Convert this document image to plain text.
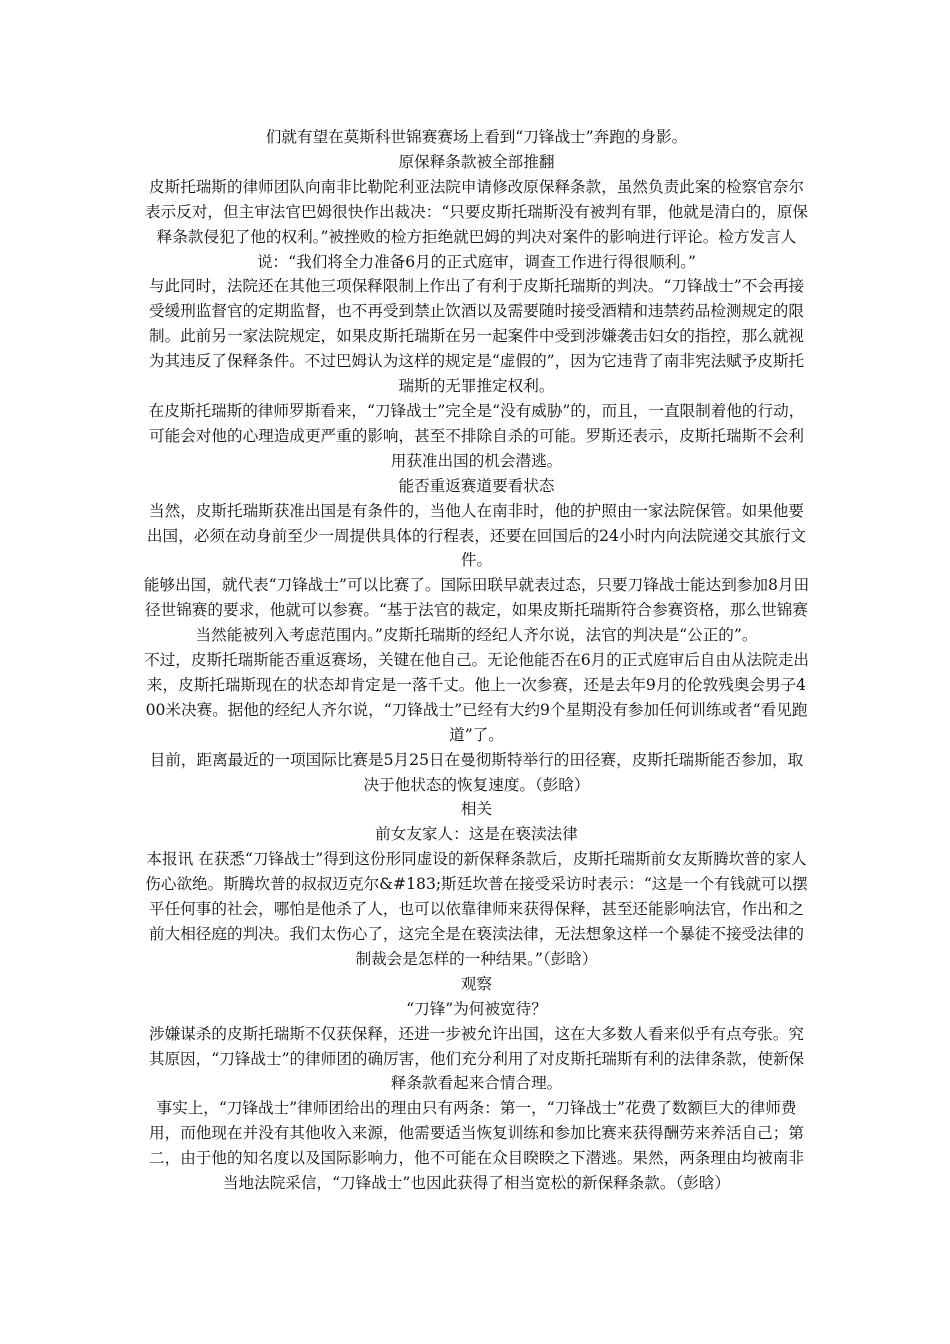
们就有望在莫斯科世锦赛赛场上看到“刀锋战士”奔跑的身影。

原保释条款被全部推翻

皮斯托瑞斯的律师团队向南非比勒陀利亚法院申请修改原保释条款，虽然负责此案的检察官奈尔表示反对，但主审法官巴姆很快作出裁决：“只要皮斯托瑞斯没有被判有罪，他就是清白的，原保释条款侵犯了他的权利。”被挫败的检方拒绝就巴姆的判决对案件的影响进行评论。检方发言人说：“我们将全力准备6月的正式庭审，调查工作进行得很顺利。”

与此同时，法院还在其他三项保释限制上作出了有利于皮斯托瑞斯的判决。“刀锋战士”不会再接受缓刑监督官的定期监督，也不再受到禁止饮酒以及需要随时接受酒精和违禁药品检测规定的限制。此前另一家法院规定，如果皮斯托瑞斯在另一起案件中受到涉嫌袭击妇女的指控，那么就视为其违反了保释条件。不过巴姆认为这样的规定是“虚假的”，因为它违背了南非宪法赋予皮斯托瑞斯的无罪推定权利。

在皮斯托瑞斯的律师罗斯看来，“刀锋战士”完全是“没有威胁”的，而且，一直限制着他的行动，可能会对他的心理造成更严重的影响，甚至不排除自杀的可能。罗斯还表示，皮斯托瑞斯不会利用获准出国的机会潜逃。

能否重返赛道要看状态

当然，皮斯托瑞斯获准出国是有条件的，当他人在南非时，他的护照由一家法院保管。如果他要出国，必须在动身前至少一周提供具体的行程表，还要在回国后的24小时内向法院递交其旅行文件。

能够出国，就代表“刀锋战士”可以比赛了。国际田联早就表过态，只要刀锋战士能达到参加8月田径世锦赛的要求，他就可以参赛。“基于法官的裁定，如果皮斯托瑞斯符合参赛资格，那么世锦赛当然能被列入考虑范围内。”皮斯托瑞斯的经纪人齐尔说，法官的判决是“公正的”。

不过，皮斯托瑞斯能否重返赛场，关键在他自己。无论他能否在6月的正式庭审后自由从法院走出来，皮斯托瑞斯现在的状态却肯定是一落千丈。他上一次参赛，还是去年9月的伦敦残奥会男子400米决赛。据他的经纪人齐尔说，“刀锋战士”已经有大约9个星期没有参加任何训练或者“看见跑道”了。

目前，距离最近的一项国际比赛是5月25日在曼彻斯特举行的田径赛，皮斯托瑞斯能否参加，取决于他状态的恢复速度。（彭晗）

相关

前女友家人：这是在亵渎法律

本报讯 在获悉“刀锋战士”得到这份形同虚设的新保释条款后，皮斯托瑞斯前女友斯腾坎普的家人伤心欲绝。斯腾坎普的叔叔迈克尔&#183;斯廷坎普在接受采访时表示：“这是一个有钱就可以摆平任何事的社会，哪怕是他杀了人，也可以依靠律师来获得保释，甚至还能影响法官，作出和之前大相径庭的判决。我们太伤心了，这完全是在亵渎法律，无法想象这样一个暴徒不接受法律的制裁会是怎样的一种结果。”（彭晗）

观察

“刀锋”为何被宽待？

涉嫌谋杀的皮斯托瑞斯不仅获保释，还进一步被允许出国，这在大多数人看来似乎有点夸张。究其原因，“刀锋战士”的律师团的确厉害，他们充分利用了对皮斯托瑞斯有利的法律条款，使新保释条款看起来合情合理。

事实上，“刀锋战士”律师团给出的理由只有两条：第一，“刀锋战士”花费了数额巨大的律师费用，而他现在并没有其他收入来源，他需要适当恢复训练和参加比赛来获得酬劳来养活自己；第二，由于他的知名度以及国际影响力，他不可能在众目睽睽之下潜逃。果然，两条理由均被南非当地法院采信，“刀锋战士”也因此获得了相当宽松的新保释条款。（彭晗）
